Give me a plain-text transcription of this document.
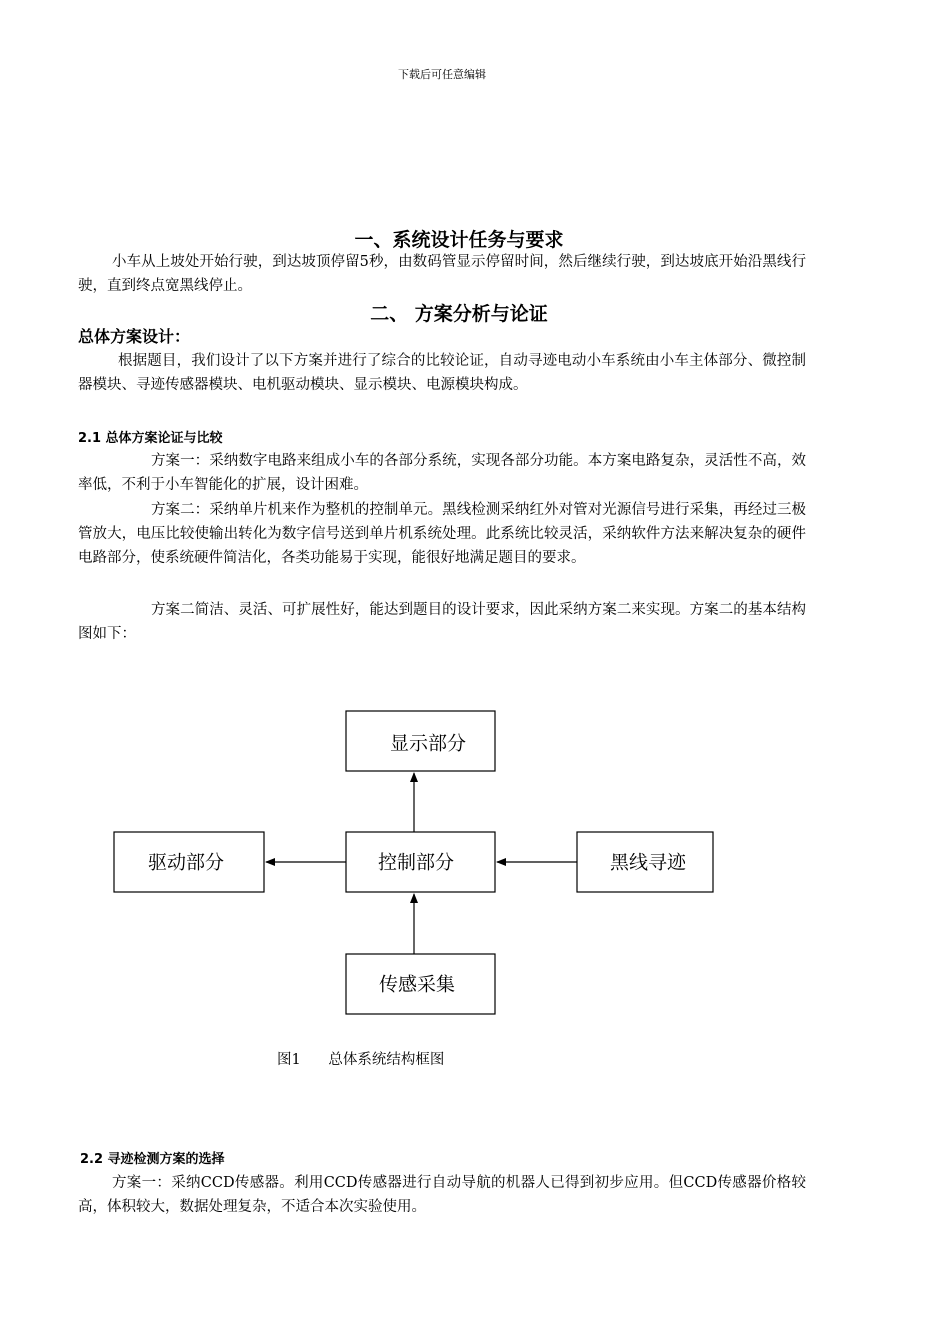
下载后可任意编辑
一、系统设计任务与要求

小车从上坡处开始行驶，到达坡顶停留5秒，由数码管显示停留时间，然后继续行驶，到达坡底开始沿黑线行驶，直到终点宽黑线停止。

二、 方案分析与论证
总体方案设计：

根据题目，我们设计了以下方案并进行了综合的比较论证，自动寻迹电动小车系统由小车主体部分、微控制器模块、寻迹传感器模块、电机驱动模块、显示模块、电源模块构成。

2.1 总体方案论证与比较

方案一：采纳数字电路来组成小车的各部分系统，实现各部分功能。本方案电路复杂，灵活性不高，效率低，不利于小车智能化的扩展，设计困难。

方案二：采纳单片机来作为整机的控制单元。黑线检测采纳红外对管对光源信号进行采集，再经过三极管放大，电压比较使输出转化为数字信号送到单片机系统处理。此系统比较灵活，采纳软件方法来解决复杂的硬件电路部分，使系统硬件简洁化，各类功能易于实现，能很好地满足题目的要求。

方案二简洁、灵活、可扩展性好，能达到题目的设计要求，因此采纳方案二来实现。方案二的基本结构图如下：

显示部分
控制部分
驱动部分	黑线寻迹
传感采集
图1      总体系统结构框图
2.2 寻迹检测方案的选择

方案一：采纳CCD传感器。利用CCD传感器进行自动导航的机器人已得到初步应用。但CCD传感器价格较高，体积较大，数据处理复杂，不适合本次实验使用。
